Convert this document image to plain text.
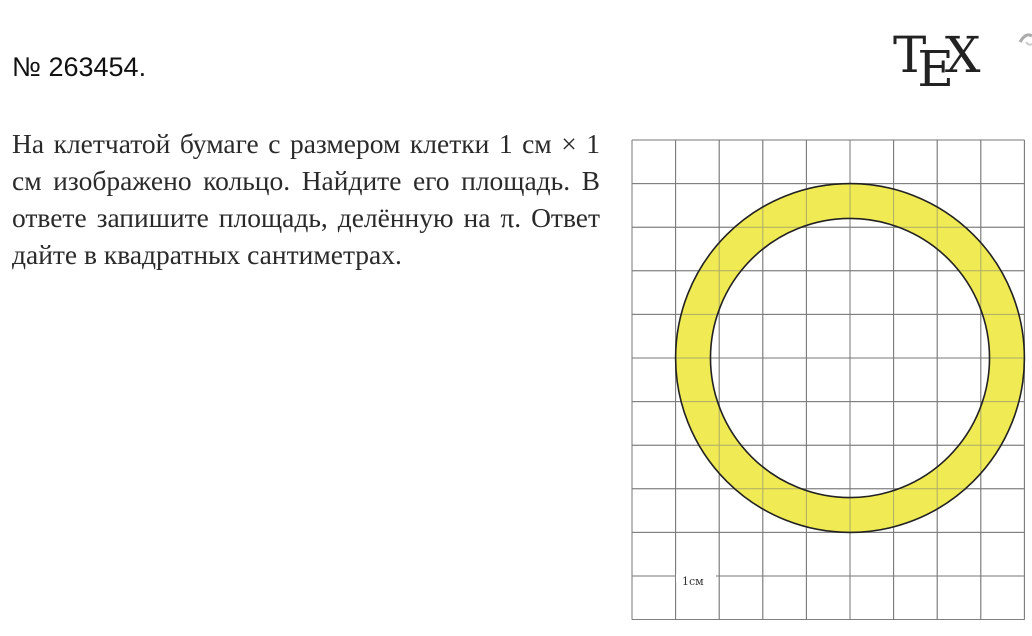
№ 263454.	TEX
На клетчатой бумаге с размером клетки 1 см × 1 см изображено кольцо. Найдите его площадь. В ответе запишите площадь, делённую на π. Ответ дайте в квадратных сантиметрах.
1см
